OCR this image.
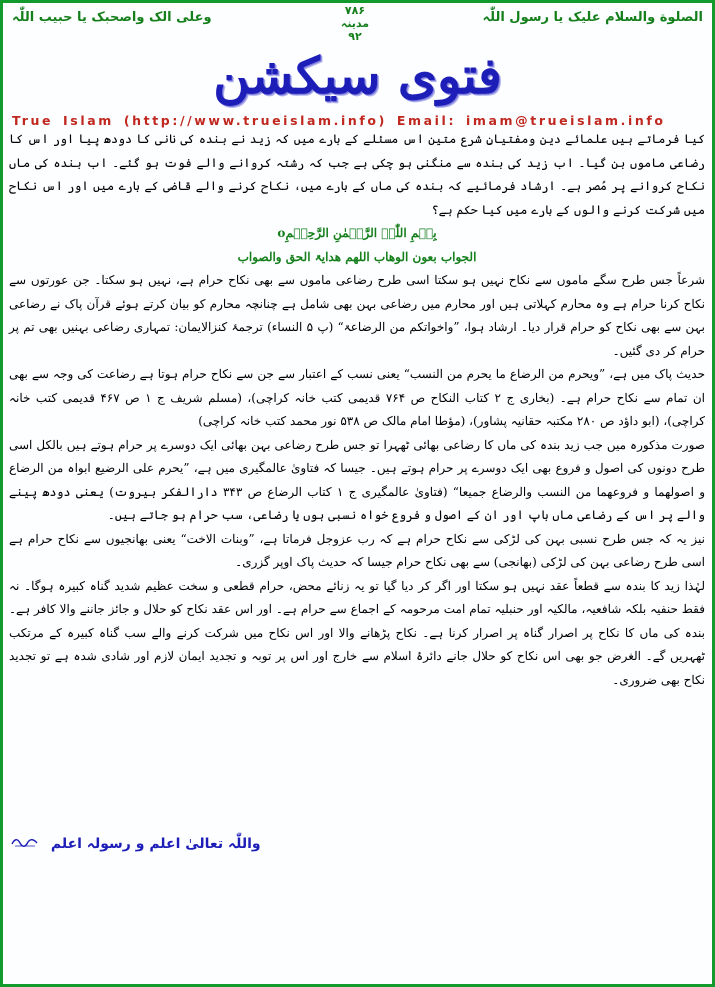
الصلوة والسلام علیک یا رسول اللّٰہ
۷۸۶
مدینہ
۹۲
وعلی الک واصحبک یا حبیب اللّٰہ
فتوی سیکشن
True Islam (http://www.trueislam.info) Email: imam@trueislam.info

کیا فرماتے ہیں علمائے دین ومفتیانِ شرع متین اس مسئلے کے بارے میں کہ زید نے بندہ کی نانی کا دودھ پیا اور اس کا رضاعی ماموں بن گیا۔ اب زید کی بندہ سے منگنی ہو چکی ہے جب کہ رشتہ کروانے والے فوت ہو گئے۔ اب بندہ کی ماں نکاح کروانے پر مُصر ہے۔ ارشاد فرمائیے کہ بندہ کی ماں کے بارے میں، نکاح کرنے والے قاضی کے بارے میں اور اس نکاح میں شرکت کرنے والوں کے بارے میں کیا حکم ہے؟

بِسۡمِ اللّٰہِ الرَّحۡمٰنِ الرَّحِیۡمِo

الجواب بعون الوھاب اللھم ھدایۃ الحق والصواب

شرعاً جس طرح سگے ماموں سے نکاح نہیں ہو سکتا اسی طرح رضاعی ماموں سے بھی نکاح حرام ہے، نہیں ہو سکتا۔ جن عورتوں سے نکاح کرنا حرام ہے وہ محارم کہلاتی ہیں اور محارم میں رضاعی بہن بھی شامل ہے چنانچہ محارم کو بیان کرتے ہوئے قرآن پاک نے رضاعی بہن سے بھی نکاح کو حرام قرار دیا۔ ارشاد ہوا، ”واخواتکم من الرضاعۃ“ (پ ۵ النساء) ترجمۂ کنزالایمان: تمہاری رضاعی بہنیں بھی تم پر حرام کر دی گئیں۔

حدیث پاک میں ہے، ”ویحرم من الرضاع ما یحرم من النسب“ یعنی نسب کے اعتبار سے جن سے نکاح حرام ہوتا ہے رضاعت کی وجہ سے بھی ان تمام سے نکاح حرام ہے۔ (بخاری ج ۲ کتاب النکاح ص ۷۶۴ قدیمی کتب خانہ کراچی)، (مسلم شریف ج ۱ ص ۴۶۷ قدیمی کتب خانہ کراچی)، (ابو داؤد ص ۲۸۰ مکتبہ حقانیہ پشاور)، (مؤطا امام مالک ص ۵۳۸ نور محمد کتب خانہ کراچی)

صورت مذکورہ میں جب زید بندہ کی ماں کا رضاعی بھائی ٹھہرا تو جس طرح رضاعی بہن بھائی ایک دوسرے پر حرام ہوتے ہیں بالکل اسی طرح دونوں کی اصول و فروع بھی ایک دوسرے پر حرام ہوتے ہیں۔ جیسا کہ فتاویٰ عالمگیری میں ہے، ”یحرم علی الرضیع ابواہ من الرضاع و اصولھما و فروعھما من النسب والرضاع جمیعا“ (فتاویٰ عالمگیری ج ۱ کتاب الرضاع ص ۳۴۳ دارالفکر بیروت) یعنی دودھ پینے والے پر اس کے رضاعی ماں باپ اور ان کے اصول و فروع خواہ نسبی ہوں یا رضاعی، سب حرام ہو جاتے ہیں۔

نیز یہ کہ جس طرح نسبی بہن کی لڑکی سے نکاح حرام ہے کہ رب عزوجل فرماتا ہے، ”وبنات الاخت“ یعنی بھانجیوں سے نکاح حرام ہے اسی طرح رضاعی بہن کی لڑکی (بھانجی) سے بھی نکاح حرام جیسا کہ حدیث پاک اوپر گزری۔

لہٰذا زید کا بندہ سے قطعاً عقد نہیں ہو سکتا اور اگر کر دیا گیا تو یہ زنائے محض، حرام قطعی و سخت عظیم شدید گناہ کبیرہ ہوگا۔ نہ فقط حنفیہ بلکہ شافعیہ، مالکیہ اور حنبلیہ تمام امت مرحومہ کے اجماع سے حرام ہے۔ اور اس عقد نکاح کو حلال و جائز جاننے والا کافر ہے۔ بندہ کی ماں کا نکاح پر اصرار گناہ پر اصرار کرنا ہے۔ نکاح پڑھانے والا اور اس نکاح میں شرکت کرنے والے سب گناہ کبیرہ کے مرتکب ٹھہریں گے۔ الغرض جو بھی اس نکاح کو حلال جانے دائرۂ اسلام سے خارج اور اس پر توبہ و تجدید ایمان لازم اور شادی شدہ ہے تو تجدید نکاح بھی ضروری۔

واللّٰہ تعالیٰ اعلم و رسولہ اعلم
